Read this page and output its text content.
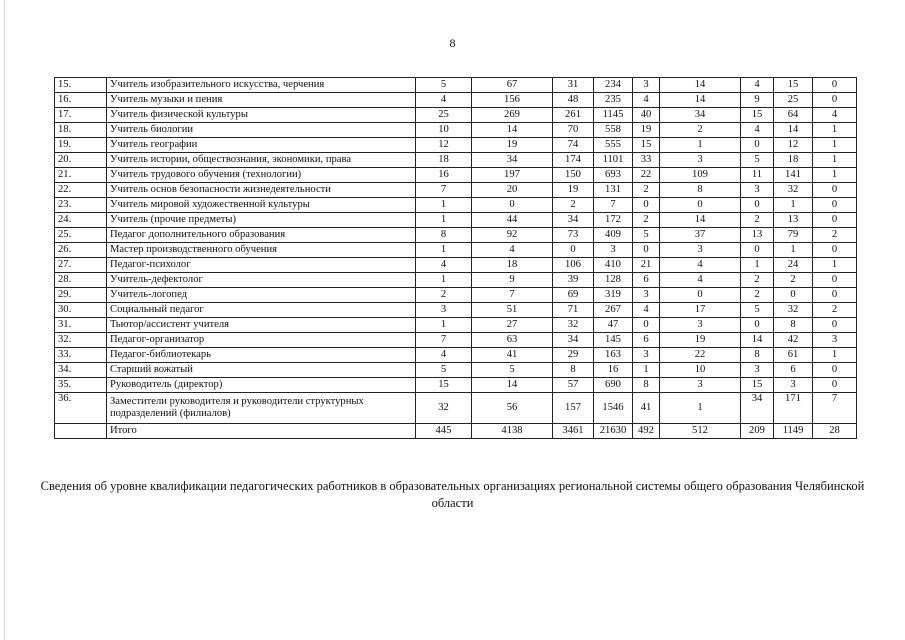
8
15.	Учитель изобразительного искусства, черчения	5	67	31	234	3	14	4	15	0
16.	Учитель музыки и пения	4	156	48	235	4	14	9	25	0
17.	Учитель физической культуры	25	269	261	1145	40	34	15	64	4
18.	Учитель биологии	10	14	70	558	19	2	4	14	1
19.	Учитель географии	12	19	74	555	15	1	0	12	1
20.	Учитель истории, обществознания, экономики, права	18	34	174	1101	33	3	5	18	1
21.	Учитель трудового обучения (технологии)	16	197	150	693	22	109	11	141	1
22.	Учитель основ безопасности жизнедеятельности	7	20	19	131	2	8	3	32	0
23.	Учитель мировой художественной культуры	1	0	2	7	0	0	0	1	0
24.	Учитель (прочие предметы)	1	44	34	172	2	14	2	13	0
25.	Педагог дополнительного образования	8	92	73	409	5	37	13	79	2
26.	Мастер производственного обучения	1	4	0	3	0	3	0	1	0
27.	Педагог-психолог	4	18	106	410	21	4	1	24	1
28.	Учитель-дефектолог	1	9	39	128	6	4	2	2	0
29.	Учитель-логопед	2	7	69	319	3	0	2	0	0
30.	Социальный педагог	3	51	71	267	4	17	5	32	2
31.	Тьютор/ассистент учителя	1	27	32	47	0	3	0	8	0
32.	Педагог-организатор	7	63	34	145	6	19	14	42	3
33.	Педагог-библиотекарь	4	41	29	163	3	22	8	61	1
34.	Старший вожатый	5	5	8	16	1	10	3	6	0
35.	Руководитель (директор)	15	14	57	690	8	3	15	3	0
36.	Заместители руководителя и руководители структурных подразделений (филиалов)	32	56	157	1546	41	1	34	171	7
	Итого	445	4138	3461	21630	492	512	209	1149	28
Сведения об уровне квалификации педагогических работников в образовательных организациях региональной системы общего образования Челябинской области
